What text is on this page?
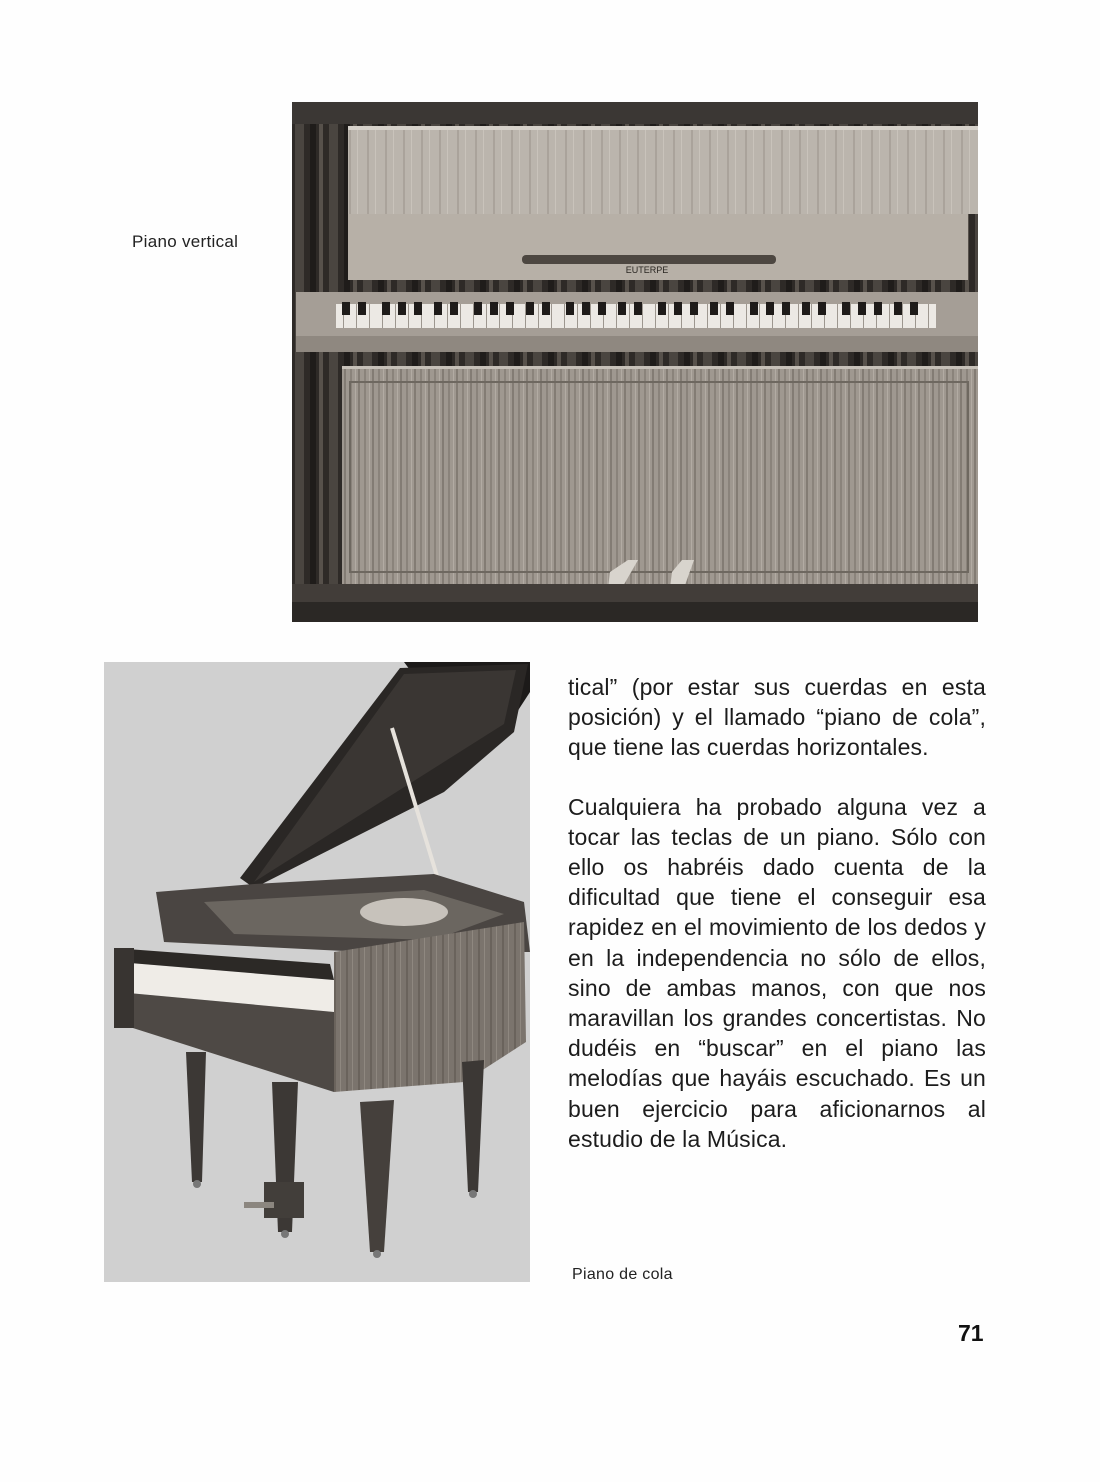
Piano vertical
EUTERPE

tical” (por estar sus cuerdas en esta posición) y el llamado “piano de cola”, que tiene las cuerdas horizontales.

Cualquiera ha probado alguna vez a tocar las teclas de un piano. Sólo con ello os habréis dado cuenta de la dificultad que tiene el conseguir esa rapidez en el movimiento de los dedos y en la independencia no sólo de ellos, sino de ambas manos, con que nos maravillan los grandes concertistas. No dudéis en “buscar” en el piano las melodías que hayáis escuchado. Es un buen ejercicio para aficionarnos al estudio de la Música.

Piano de cola
71
